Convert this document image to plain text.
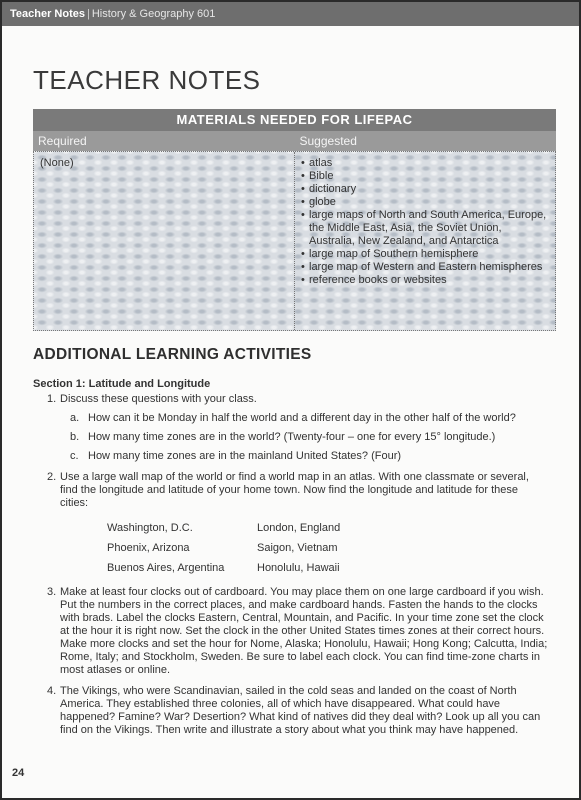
Teacher Notes | History & Geography 601
TEACHER NOTES
MATERIALS NEEDED FOR LIFEPAC
Required	Suggested
(None)
•	atlas
• Bible
• dictionary
• globe
• large maps of North and South America, Europe, the Middle East, Asia, the Soviet Union, Australia, New Zealand, and Antarctica
• large map of Southern hemisphere
• large map of Western and Eastern hemispheres
• reference books or websites
ADDITIONAL LEARNING ACTIVITIES
Section 1: Latitude and Longitude
1. Discuss these questions with your class.
a. How can it be Monday in half the world and a different day in the other half of the world?
b. How many time zones are in the world? (Twenty-four – one for every 15° longitude.)
c. How many time zones are in the mainland United States? (Four)
2. Use a large wall map of the world or find a world map in an atlas. With one classmate or several, find the longitude and latitude of your home town. Now find the longitude and latitude for these cities:
Washington, D.C.	London, England
Phoenix, Arizona	Saigon, Vietnam
Buenos Aires, Argentina	Honolulu, Hawaii
3. Make at least four clocks out of cardboard. You may place them on one large cardboard if you wish. Put the numbers in the correct places, and make cardboard hands. Fasten the hands to the clocks with brads. Label the clocks Eastern, Central, Mountain, and Pacific. In your time zone set the clock at the hour it is right now. Set the clock in the other United States times zones at their correct hours. Make more clocks and set the hour for Nome, Alaska; Honolulu, Hawaii; Hong Kong; Calcutta, India; Rome, Italy; and Stockholm, Sweden. Be sure to label each clock. You can find time-zone charts in most atlases or online.
4. The Vikings, who were Scandinavian, sailed in the cold seas and landed on the coast of North America. They established three colonies, all of which have disappeared. What could have happened? Famine? War? Desertion? What kind of natives did they deal with? Look up all you can find on the Vikings. Then write and illustrate a story about what you think may have happened.
24
